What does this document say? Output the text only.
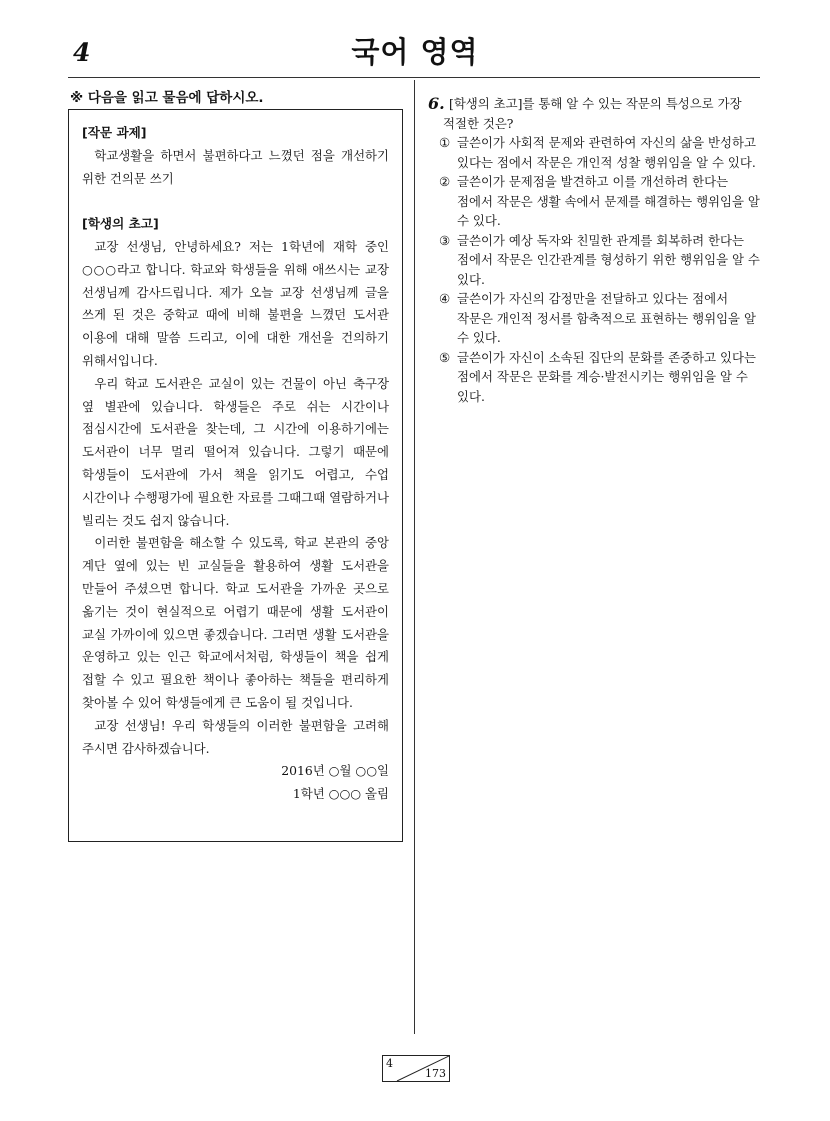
4	국어 영역
※ 다음을 읽고 물음에 답하시오.

[작문 과제]

학교생활을 하면서 불편하다고 느꼈던 점을 개선하기 위한 건의문 쓰기

[학생의 초고]

교장 선생님, 안녕하세요? 저는 1학년에 재학 중인 ○○○라고 합니다. 학교와 학생들을 위해 애쓰시는 교장 선생님께 감사드립니다. 제가 오늘 교장 선생님께 글을 쓰게 된 것은 중학교 때에 비해 불편을 느꼈던 도서관 이용에 대해 말씀 드리고, 이에 대한 개선을 건의하기 위해서입니다.

우리 학교 도서관은 교실이 있는 건물이 아닌 축구장 옆 별관에 있습니다. 학생들은 주로 쉬는 시간이나 점심시간에 도서관을 찾는데, 그 시간에 이용하기에는 도서관이 너무 멀리 떨어져 있습니다. 그렇기 때문에 학생들이 도서관에 가서 책을 읽기도 어렵고, 수업 시간이나 수행평가에 필요한 자료를 그때그때 열람하거나 빌리는 것도 쉽지 않습니다.

이러한 불편함을 해소할 수 있도록, 학교 본관의 중앙 계단 옆에 있는 빈 교실들을 활용하여 생활 도서관을 만들어 주셨으면 합니다. 학교 도서관을 가까운 곳으로 옮기는 것이 현실적으로 어렵기 때문에 생활 도서관이 교실 가까이에 있으면 좋겠습니다. 그러면 생활 도서관을 운영하고 있는 인근 학교에서처럼, 학생들이 책을 쉽게 접할 수 있고 필요한 책이나 좋아하는 책들을 편리하게 찾아볼 수 있어 학생들에게 큰 도움이 될 것입니다.

교장 선생님! 우리 학생들의 이러한 불편함을 고려해 주시면 감사하겠습니다.

2016년 ○월 ○○일

1학년 ○○○ 올림

6. [학생의 초고]를 통해 알 수 있는 작문의 특성으로 가장

적절한 것은?

① 글쓴이가 사회적 문제와 관련하여 자신의 삶을 반성하고 있다는 점에서 작문은 개인적 성찰 행위임을 알 수 있다.
② 글쓴이가 문제점을 발견하고 이를 개선하려 한다는 점에서 작문은 생활 속에서 문제를 해결하는 행위임을 알 수 있다.
③ 글쓴이가 예상 독자와 친밀한 관계를 회복하려 한다는 점에서 작문은 인간관계를 형성하기 위한 행위임을 알 수 있다.
④ 글쓴이가 자신의 감정만을 전달하고 있다는 점에서 작문은 개인적 정서를 함축적으로 표현하는 행위임을 알 수 있다.
⑤ 글쓴이가 자신이 소속된 집단의 문화를 존중하고 있다는 점에서 작문은 문화를 계승·발전시키는 행위임을 알 수 있다.
4
173
